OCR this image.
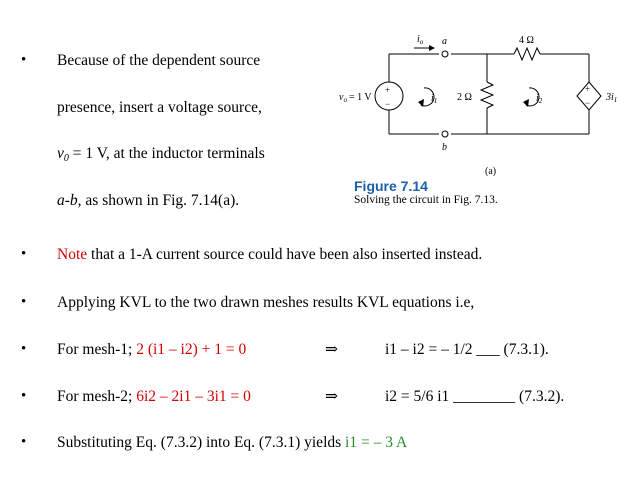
• Because of the dependent source
presence, insert a voltage source,
$v_0 = 1$ V, at the inductor terminals
a-b, as shown in Fig. 7.14(a).
• Note that a 1-A current source could have been also inserted instead.
• Applying KVL to the two drawn meshes results KVL equations i.e,
• For mesh-1; 2 (i1 – i2) + 1 = 0	⇒	i1 – i2 = – 1/2 ___ (7.3.1).
• For mesh-2; 6i2 – 2i1 – 3i1 = 0	⇒	i2 = 5/6 i1 ________ (7.3.2).
• Substituting Eq. (7.3.2) into Eq. (7.3.1) yields i1 = – 3 A
$i_o$ a
b
4 Ω
2 Ω
$v_o = 1$ V
+
−
+
−
$i_1$	$i_2$	$3i_1$
(a)
Figure 7.14
Solving the circuit in Fig. 7.13.
